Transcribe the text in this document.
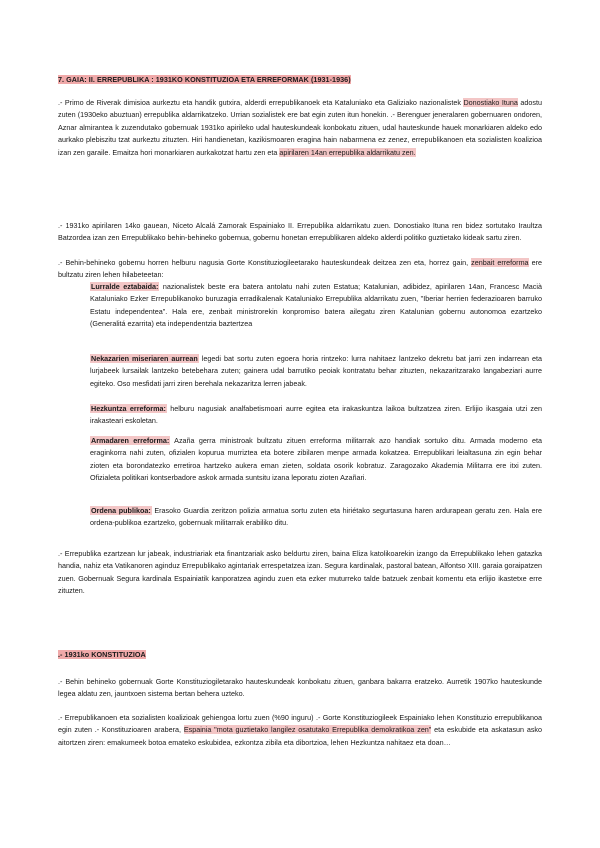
7. GAIA: II. ERREPUBLIKA : 1931KO KONSTITUZIOA ETA ERREFORMAK (1931-1936)

.- Primo de Riverak dimisioa aurkeztu eta handik gutxira, alderdi errepublikanoek eta Kataluniako eta Galiziako nazionalistek Donostiako Ituna adostu zuten (1930eko abuztuan) errepublika aldarrikatzeko. Urrian sozialistek ere bat egin zuten itun honekin. .- Berenguer jeneralaren gobernuaren ondoren, Aznar almirantea k zuzendutako gobernuak 1931ko apirileko udal hauteskundeak konbokatu zituen, udal hauteskunde hauek monarkiaren aldeko edo aurkako plebiszitu tzat aurkeztu zituzten. Hiri handienetan, kazikismoaren eragina hain nabarmena ez zenez, errepublikanoen eta sozialisten koalizioa izan zen garaile. Emaitza hori monarkiaren aurkakotzat hartu zen eta apirilaren 14an errepublika aldarrikatu zen.

.- 1931ko apirilaren 14ko gauean, Niceto Alcalá Zamorak Espainiako II. Errepublika aldarrikatu zuen. Donostiako Ituna ren bidez sortutako Iraultza Batzordea izan zen Errepublikako behin-behineko gobernua, gobernu honetan errepublikaren aldeko alderdi politiko guztietako kideak sartu ziren.

.- Behin-behineko gobernu horren helburu nagusia Gorte Konstituziogileetarako hauteskundeak deitzea zen eta, horrez gain, zenbait erreforma ere bultzatu ziren lehen hilabeteetan:

Lurralde eztabaida: nazionalistek beste era batera antolatu nahi zuten Estatua; Katalunian, adibidez, apirilaren 14an, Francesc Macià Kataluniako Ezker Errepublikanoko buruzagia erradikalenak Kataluniako Errepublika aldarrikatu zuen, "Iberiar herrien federazioaren barruko Estatu independentea". Hala ere, zenbait ministrorekin konpromiso batera ailegatu ziren Katalunian gobernu autonomoa ezartzeko (Generalitá ezarrita) eta independentzia baztertzea

Nekazarien miseriaren aurrean legedi bat sortu zuten egoera horia rintzeko: lurra nahitaez lantzeko dekretu bat jarri zen indarrean eta lurjabeek lursailak lantzeko betebehara zuten; gainera udal barrutiko peoiak kontratatu behar zituzten, nekazaritzarako langabeziari aurre egiteko. Oso mesfidati jarri ziren berehala nekazaritza lerren jabeak.

Hezkuntza erreforma: helburu nagusiak analfabetismoari aurre egitea eta irakaskuntza laikoa bultzatzea ziren. Erlijio ikasgaia utzi zen irakasteari eskoletan.

Armadaren erreforma: Azaña gerra ministroak bultzatu zituen erreforma militarrak azo handiak sortuko ditu. Armada moderno eta eraginkorra nahi zuten, ofizialen kopurua murriztea eta botere zibilaren menpe armada kokatzea. Errepublikari leialtasuna zin egin behar zioten eta borondatezko erretiroa hartzeko aukera eman zieten, soldata osorik kobratuz. Zaragozako Akademia Militarra ere itxi zuten. Ofizialeta politikari kontserbadore askok armada suntsitu izana leporatu zioten Azañari.

Ordena publikoa: Erasoko Guardia zeritzon polizia armatua sortu zuten eta hiriétako segurtasuna haren ardurapean geratu zen. Hala ere ordena-publikoa ezartzeko, gobernuak militarrak erabiliko ditu.

.- Errepublika ezartzean lur jabeak, industriariak eta finantzariak asko beldurtu ziren, baina Eliza katolikoarekin izango da Errepublikako lehen gatazka handia, nahiz eta Vatikanoren aginduz Errepublikako agintariak errespetatzea izan. Segura kardinalak, pastoral batean, Alfontso XIII. garaia goraipatzen zuen. Gobernuak Segura kardinala Espainiatik kanporatzea agindu zuen eta ezker muturreko talde batzuek zenbait komentu eta erlijio ikastetxe erre zituzten.

.- 1931ko KONSTITUZIOA

.- Behin behineko gobernuak Gorte Konstituziogiletarako hauteskundeak konbokatu zituen, ganbara bakarra eratzeko. Aurretik 1907ko hauteskunde legea aldatu zen, jauntxoen sistema bertan behera uzteko.

.- Errepublikanoen eta sozialisten koalizioak gehiengoa lortu zuen (%90 inguru) .- Gorte Konstituziogileek Espainiako lehen Konstituzio errepublikanoa egin zuten .- Konstituzioaren arabera, Espainia "mota guztietako langilez osatutako Errepublika demokratikoa zen" eta eskubide eta askatasun asko aitortzen ziren: emakumeek botoa emateko eskubidea, ezkontza zibila eta dibortzioa, lehen Hezkuntza nahitaez eta doan…
